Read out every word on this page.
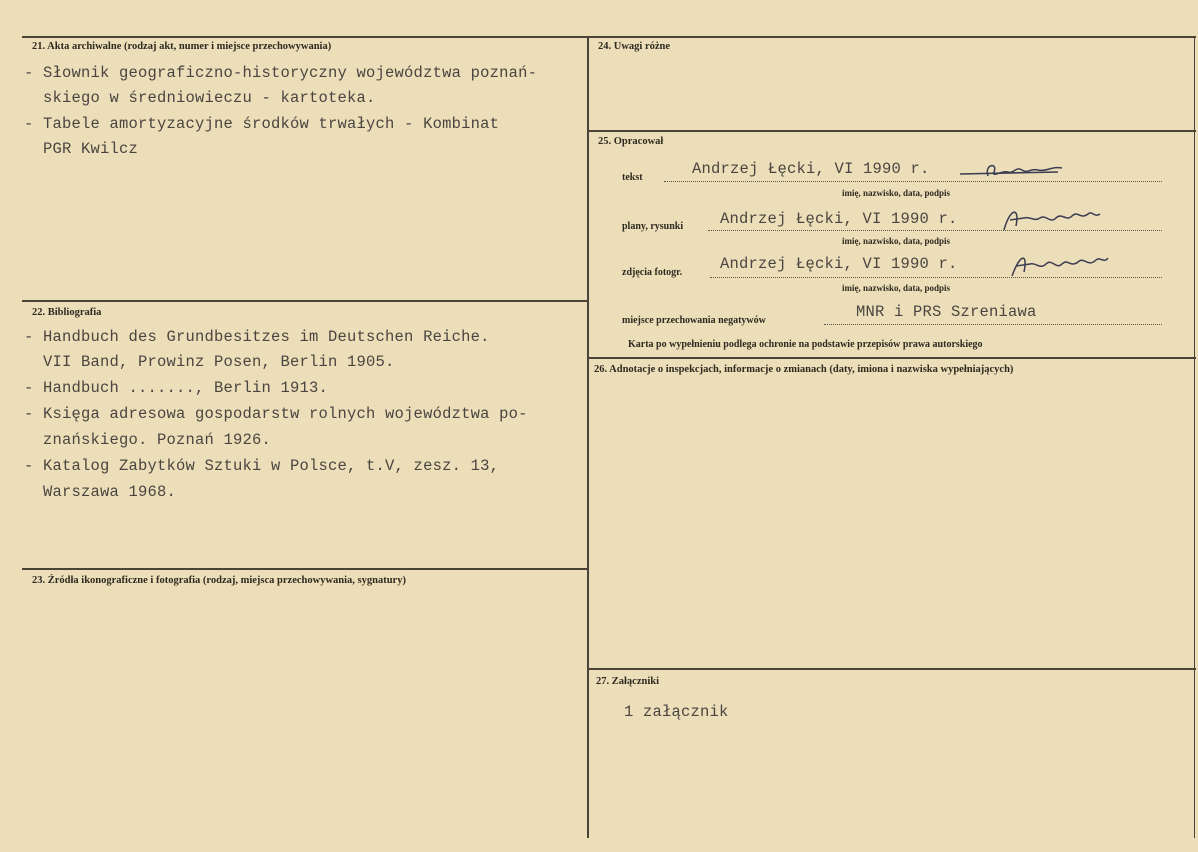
21. Akta archiwalne (rodzaj akt, numer i miejsce przechowywania)
- Słownik geograficzno-historyczny województwa poznań-
skiego w średniowieczu - kartoteka.
- Tabele amortyzacyjne środków trwałych - Kombinat
PGR Kwilcz
22. Bibliografia
- Handbuch des Grundbesitzes im Deutschen Reiche.
VII Band, Prowinz Posen, Berlin 1905.
- Handbuch ......., Berlin 1913.
- Księga adresowa gospodarstw rolnych województwa po-
znańskiego. Poznań 1926.
- Katalog Zabytków Sztuki w Polsce, t.V, zesz. 13,
Warszawa 1968.
23. Źródła ikonograficzne i fotografia (rodzaj, miejsca przechowywania, sygnatury)
24. Uwagi różne
25. Opracował
tekst	Andrzej Łęcki, VI 1990 r.
imię, nazwisko, data, podpis
plany, rysunki Andrzej Łęcki, VI 1990 r.
imię, nazwisko, data, podpis
zdjęcia fotogr. Andrzej Łęcki, VI 1990 r.
imię, nazwisko, data, podpis
miejsce przechowania negatywów	MNR i PRS Szreniawa
Karta po wypełnieniu podlega ochronie na podstawie przepisów prawa autorskiego
26. Adnotacje o inspekcjach, informacje o zmianach (daty, imiona i nazwiska wypełniających)
27. Załączniki
1 załącznik
